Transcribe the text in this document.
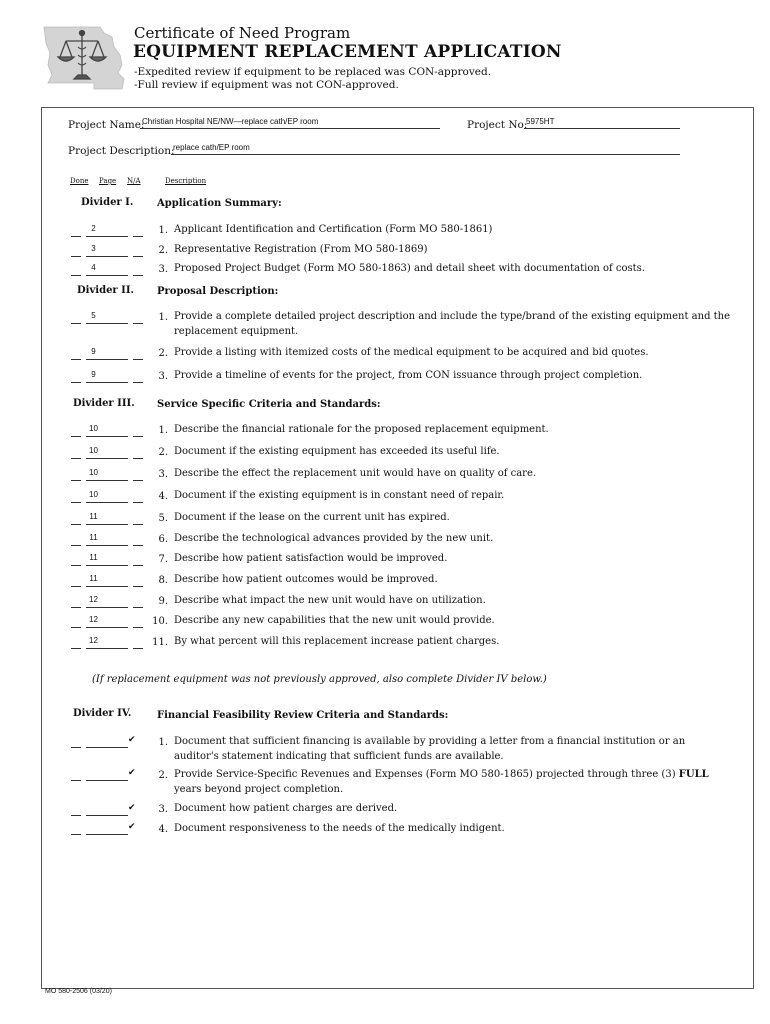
Certificate of Need Program
EQUIPMENT REPLACEMENT APPLICATION
-Expedited review if equipment to be replaced was CON-approved.
-Full review if equipment was not CON-approved.
Project Name:
Christian Hospital NE/NW—replace cath/EP room	Project No:
5975HT
Project Description:
replace cath/EP room
Done Page N/A	Description
Divider I. Application Summary:
2	1. Applicant Identification and Certification (Form MO 580-1861)
3	2. Representative Registration (From MO 580-1869)
4	3. Proposed Project Budget (Form MO 580-1863) and detail sheet with documentation of costs.
Divider II. Proposal Description:
5	1. Provide a complete detailed project description and include the type/brand of the existing equipment and the replacement equipment.
9	2. Provide a listing with itemized costs of the medical equipment to be acquired and bid quotes.
9	3. Provide a timeline of events for the project, from CON issuance through project completion.
Divider III. Service Specific Criteria and Standards:
10	1. Describe the financial rationale for the proposed replacement equipment.
10	2. Document if the existing equipment has exceeded its useful life.
10	3. Describe the effect the replacement unit would have on quality of care.
10	4. Document if the existing equipment is in constant need of repair.
11	5. Document if the lease on the current unit has expired.
11	6. Describe the technological advances provided by the new unit.
11	7. Describe how patient satisfaction would be improved.
11	8. Describe how patient outcomes would be improved.
12	9. Describe what impact the new unit would have on utilization.
12	10. Describe any new capabilities that the new unit would provide.
12	11. By what percent will this replacement increase patient charges.
(If replacement equipment was not previously approved, also complete Divider IV below.)
Divider IV.	Financial Feasibility Review Criteria and Standards:
✔	1. Document that sufficient financing is available by providing a letter from a financial institution or an auditor's statement indicating that sufficient funds are available.
✔	2. Provide Service-Specific Revenues and Expenses (Form MO 580-1865) projected through three (3) FULL years beyond project completion.
✔	3. Document how patient charges are derived.
✔	4. Document responsiveness to the needs of the medically indigent.
MO 580-2506 (03/20)
